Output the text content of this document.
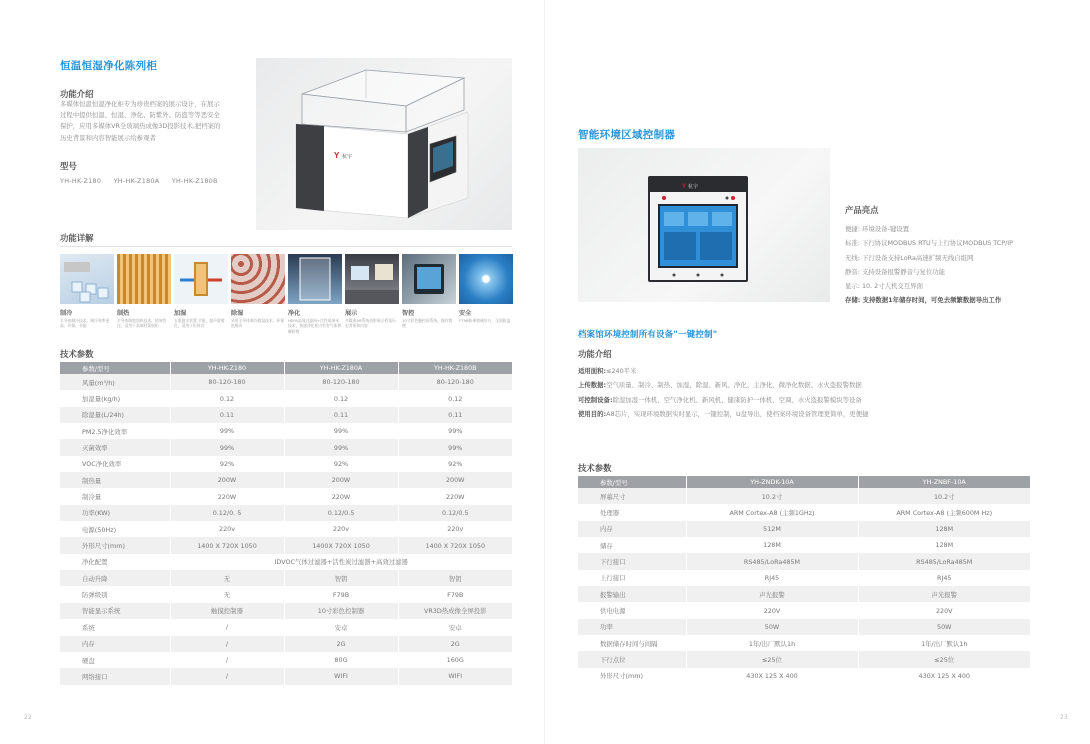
恒温恒湿净化陈列柜
功能介绍
多媒体恒温恒湿净化柜专为珍贵档案的展示设计，在展示
过程中提供恒温、恒湿、净化、防紫外、防盗等等恶安全
保护，应用多媒体VR全玻璃热成像3D投影技术,把档案的
历史背景和内容智能展示给参观者
型号
YH-HK-Z180 YH-HK-Z180A YH-HK-Z180B
Y 杭宇
功能详解
制冷
半导体制冷技术，制冷效率更高，环保，节能
制热
半导体陶瓷加热技术，热效性佳，适用于高端档案展柜
加湿
五重滤水装置,节能，超声波雾化，适用于柜体内
除湿
采用半导体制冷除湿技术，环保低噪声
净化
HEPA高效过滤网+活性炭纳米技术，快速净化柜内有害气体和颗粒物
展示
多媒体VR系统投影展示档案历史背景和内容
智控
10寸彩色触控屏系统，操作简便
安全
F79B防弹玻璃设计，全面防盗
技术参数
参数/型号	YH-HK-Z180	YH-HK-Z180A	YH-HK-Z180B
风量(m³/h)	80-120-180	80-120-180	80-120-180
加湿量(kg/h)	0.12	0.12	0.12
除湿量(L/24h)	0.11	0.11	0.11
PM2.5净化效率	99%	99%	99%
灭菌效率	99%	99%	99%
VOC净化效率	92%	92%	92%
制热量	200W	200W	200W
制冷量	220W	220W	220W
功率(KW)	0.12/0. 5	0.12/0.5	0.12/0.5
电源(50Hz)	220v	220v	220v
外形尺寸(mm)	1400 X 720X 1050	1400X 720X 1050	1400 X 720X 1050
净化配置	IDVOC气体过滤器+活性炭过滤器+高效过滤器		
自动升降	无	智钥	智钥
防弹级别	无	F79B	F79B
智能显示系统	触摸控制器	10寸彩色控制器	VR3D热成像全屏投影
系统	/	安卓	安卓
内存	/	2G	2G
硬盘	/	80G	160G
网络接口	/	WIFI	WIFI
22
智能环境区域控制器
Y 杭宇
产品亮点
便捷: 环境设备-键设置
标准: 下行协议MODBUS RTU与上行协议MODBUS TCP/IP
无线: 下行设备支持LoRa高速扩频无线自组网
静音: 支持设备报警静音与复位功能
显示: 10. 2寸人机交互界面
存储: 支持数据1年储存时间，可免去频繁数据导出工作
档案馆环境控制所有设备"一键控制"
功能介绍
适用面积:≤240平米
上传数据:空气质量、制冷、制热、加湿、除湿、新风、净化、主净化、微净化数据、水火盗报警数据
可控制设备:除湿加湿一体机、空气净化机、新风机、健康防护一体机、空调、水火盗报警模块等设备
使用目的:A8芯片，实现环境数据实时显示，一键控制，U盘导出，使档案环境设备管理更简单，更便捷
技术参数
参数/型号	YH-ZNDK-10A	YH-ZNBF-10A
屏幕尺寸	10.2寸	10.2寸
处理器	ARM Cortex-A8 (主频1GHz)	ARM Cortex-A8 (主频600M Hz)
内存	512M	128M
储存	128M	128M
下行接口	RS485/LoRa485M	RS485/LoRa485M
上行接口	RJ45	RJ45
报警输出	声光报警	声光报警
供电电源	220V	220V
功率	50W	50W
数据储存时间与间隔	1年/出厂默认1h	1年/出厂默认1h
下行点位	≤25位	≤25位
外形尺寸(mm)	430X 125 X 400	430X 125 X 400
23
